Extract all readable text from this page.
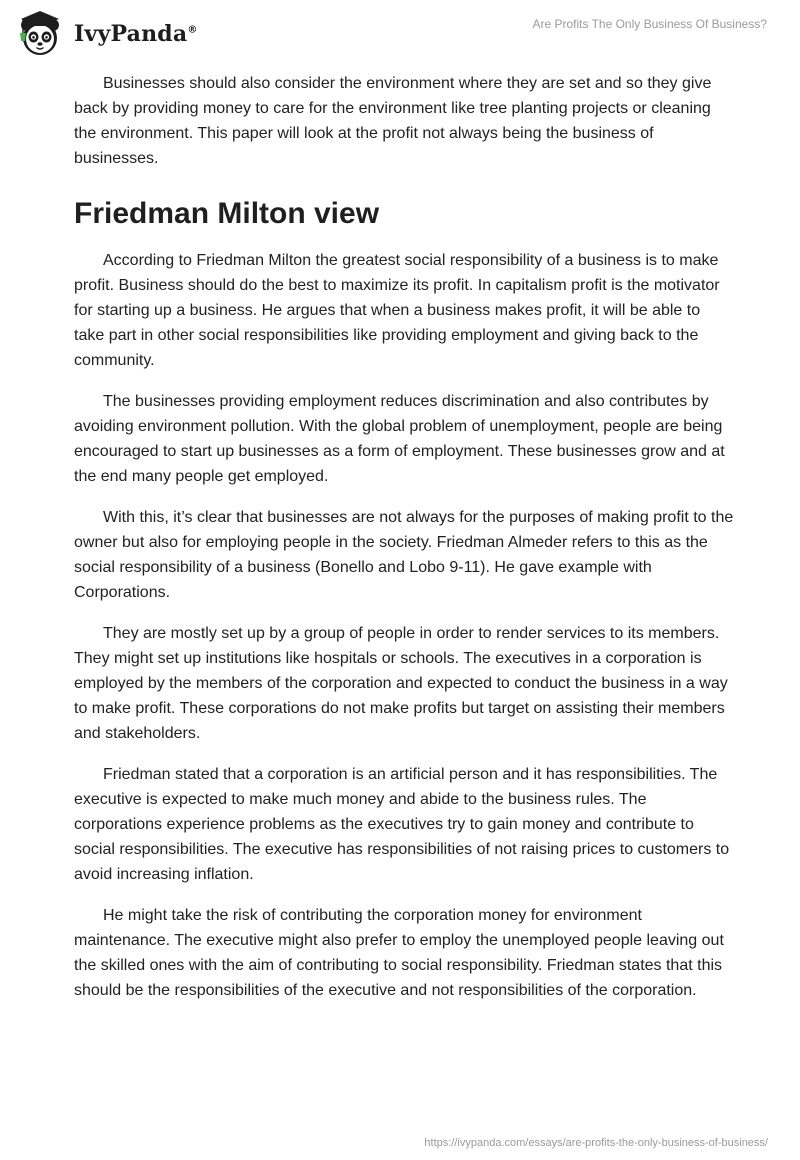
IvyPanda®	Are Profits The Only Business Of Business?

Businesses should also consider the environment where they are set and so they give back by providing money to care for the environment like tree planting projects or cleaning the environment. This paper will look at the profit not always being the business of businesses.

Friedman Milton view

According to Friedman Milton the greatest social responsibility of a business is to make profit. Business should do the best to maximize its profit. In capitalism profit is the motivator for starting up a business. He argues that when a business makes profit, it will be able to take part in other social responsibilities like providing employment and giving back to the community.

The businesses providing employment reduces discrimination and also contributes by avoiding environment pollution. With the global problem of unemployment, people are being encouraged to start up businesses as a form of employment. These businesses grow and at the end many people get employed.

With this, it’s clear that businesses are not always for the purposes of making profit to the owner but also for employing people in the society. Friedman Almeder refers to this as the social responsibility of a business (Bonello and Lobo 9-11). He gave example with Corporations.

They are mostly set up by a group of people in order to render services to its members. They might set up institutions like hospitals or schools. The executives in a corporation is employed by the members of the corporation and expected to conduct the business in a way to make profit. These corporations do not make profits but target on assisting their members and stakeholders.

Friedman stated that a corporation is an artificial person and it has responsibilities. The executive is expected to make much money and abide to the business rules. The corporations experience problems as the executives try to gain money and contribute to social responsibilities. The executive has responsibilities of not raising prices to customers to avoid increasing inflation.

He might take the risk of contributing the corporation money for environment maintenance. The executive might also prefer to employ the unemployed people leaving out the skilled ones with the aim of contributing to social responsibility. Friedman states that this should be the responsibilities of the executive and not responsibilities of the corporation.

https://ivypanda.com/essays/are-profits-the-only-business-of-business/
